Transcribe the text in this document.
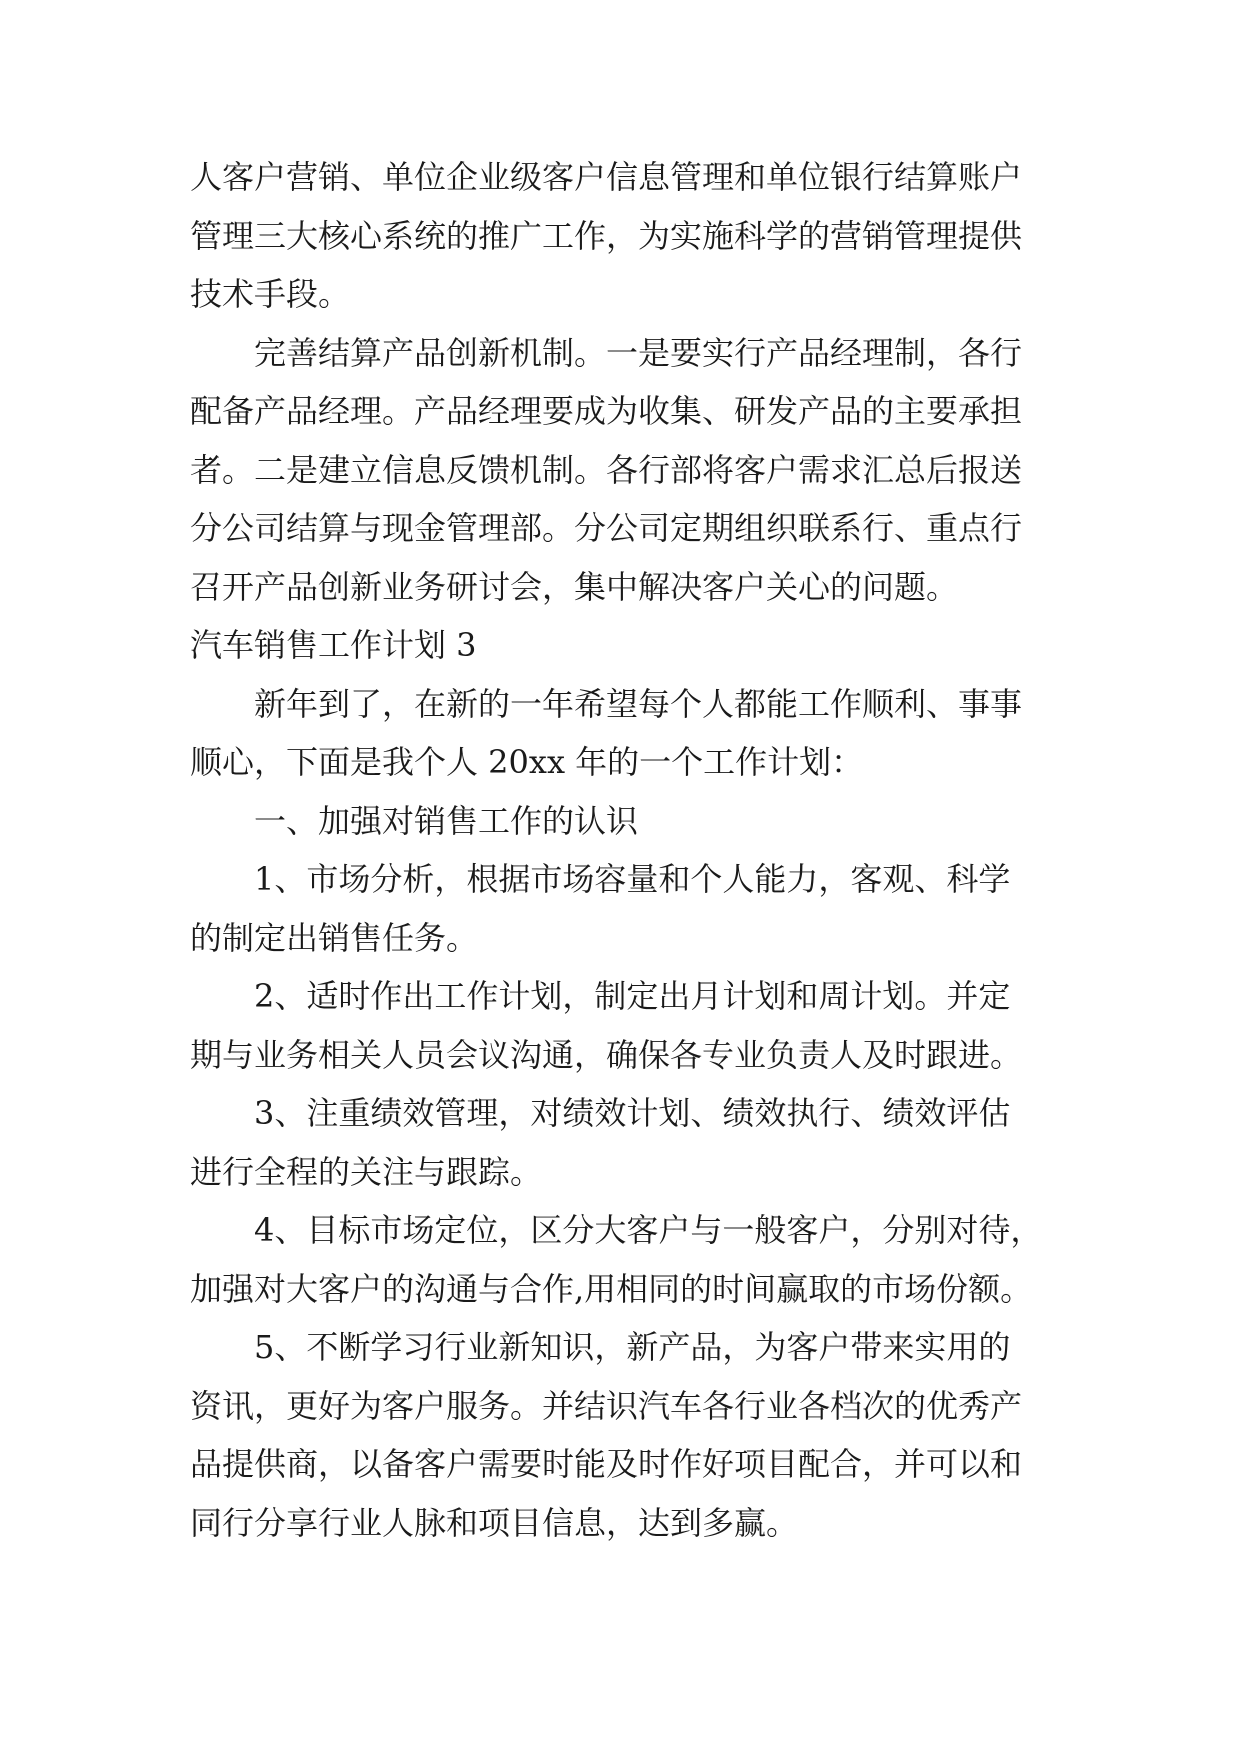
人客户营销、单位企业级客户信息管理和单位银行结算账户
管理三大核心系统的推广工作，为实施科学的营销管理提供
技术手段。
完善结算产品创新机制。一是要实行产品经理制，各行
配备产品经理。产品经理要成为收集、研发产品的主要承担
者。二是建立信息反馈机制。各行部将客户需求汇总后报送
分公司结算与现金管理部。分公司定期组织联系行、重点行
召开产品创新业务研讨会，集中解决客户关心的问题。
汽车销售工作计划 3
新年到了，在新的一年希望每个人都能工作顺利、事事
顺心，下面是我个人 20xx 年的一个工作计划：
一、加强对销售工作的认识
1、市场分析，根据市场容量和个人能力，客观、科学
的制定出销售任务。
2、适时作出工作计划，制定出月计划和周计划。并定
期与业务相关人员会议沟通，确保各专业负责人及时跟进。
3、注重绩效管理，对绩效计划、绩效执行、绩效评估
进行全程的关注与跟踪。
4、目标市场定位，区分大客户与一般客户，分别对待，
加强对大客户的沟通与合作,用相同的时间赢取的市场份额。
5、不断学习行业新知识，新产品，为客户带来实用的
资讯，更好为客户服务。并结识汽车各行业各档次的优秀产
品提供商，以备客户需要时能及时作好项目配合，并可以和
同行分享行业人脉和项目信息，达到多赢。
